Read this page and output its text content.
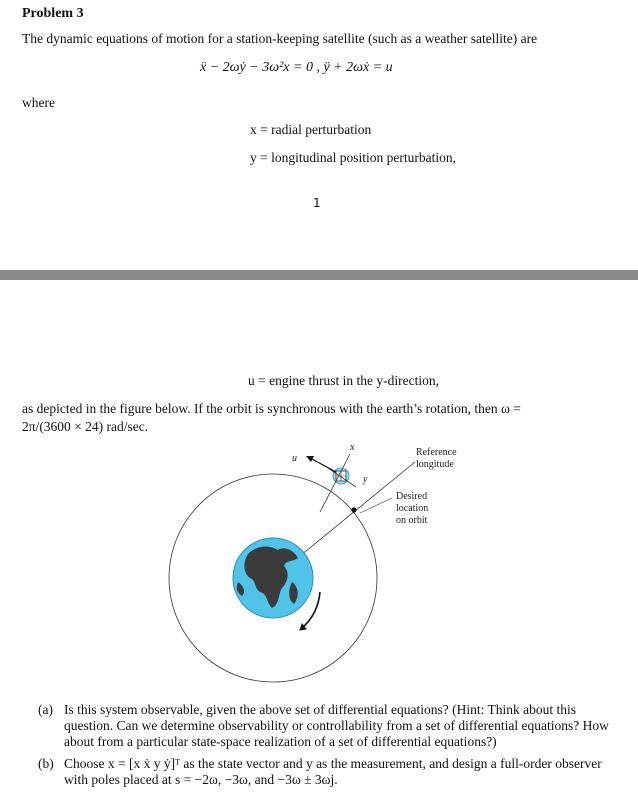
Problem 3
The dynamic equations of motion for a station-keeping satellite (such as a weather satellite) are
ẍ − 2ωẏ − 3ω²x = 0 , ÿ + 2ωẋ = u
where
x = radial perturbation
y = longitudinal position perturbation,
1
u = engine thrust in the y-direction,
as depicted in the figure below. If the orbit is synchronous with the earth’s rotation, then ω =
2π/(3600 × 24) rad/sec.
u
x
y
Reference
longitude
Desired
location
on orbit
(a) Is this system observable, given the above set of differential equations? (Hint: Think about this question. Can we determine observability or controllability from a set of differential equations? How about from a particular state-space realization of a set of differential equations?)
(b) Choose x = [x ẋ y ẏ]ᵀ as the state vector and y as the measurement, and design a full-order observer with poles placed at s = −2ω, −3ω, and −3ω ± 3ωj.
